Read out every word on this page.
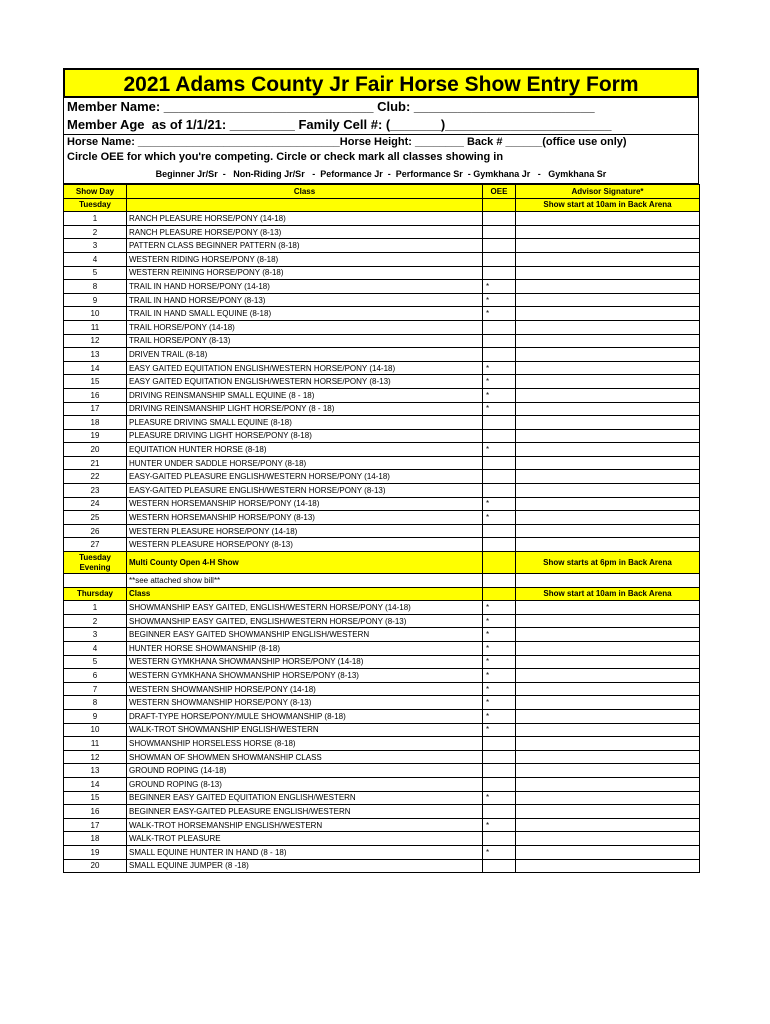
2021 Adams County Jr Fair Horse Show Entry Form
Member Name: _____________________________ Club: _________________________
Member Age  as of 1/1/21: _________ Family Cell #: (_______)_______________________
Horse Name: _________________________________Horse Height: ________ Back # ______(office use only)
Circle OEE for which you're competing. Circle or check mark all classes showing in
Beginner Jr/Sr  -   Non-Riding Jr/Sr   -  Peformance Jr  -  Performance Sr  - Gymkhana Jr   -   Gymkhana Sr
Show Day	Class	OEE	Advisor Signature*
Tuesday			Show start at 10am in Back Arena
1	RANCH PLEASURE HORSE/PONY (14-18)		
2	RANCH PLEASURE HORSE/PONY (8-13)		
3	PATTERN CLASS BEGINNER PATTERN (8-18)		
4	WESTERN RIDING HORSE/PONY (8-18)		
5	WESTERN REINING HORSE/PONY (8-18)		
8	TRAIL IN HAND HORSE/PONY (14-18)	*	
9	TRAIL IN HAND HORSE/PONY (8-13)	*	
10	TRAIL IN HAND SMALL EQUINE (8-18)	*	
11	TRAIL HORSE/PONY (14-18)		
12	TRAIL HORSE/PONY (8-13)		
13	DRIVEN TRAIL (8-18)		
14	EASY GAITED EQUITATION ENGLISH/WESTERN HORSE/PONY (14-18)	*	
15	EASY GAITED EQUITATION ENGLISH/WESTERN HORSE/PONY (8-13)	*	
16	DRIVING REINSMANSHIP SMALL EQUINE (8 - 18)	*	
17	DRIVING REINSMANSHIP LIGHT HORSE/PONY (8 - 18)	*	
18	PLEASURE DRIVING SMALL EQUINE (8-18)		
19	PLEASURE DRIVING LIGHT HORSE/PONY (8-18)		
20	EQUITATION HUNTER HORSE (8-18)	*	
21	HUNTER UNDER SADDLE HORSE/PONY (8-18)		
22	EASY-GAITED PLEASURE ENGLISH/WESTERN HORSE/PONY (14-18)		
23	EASY-GAITED PLEASURE ENGLISH/WESTERN HORSE/PONY (8-13)		
24	WESTERN HORSEMANSHIP HORSE/PONY (14-18)	*	
25	WESTERN HORSEMANSHIP HORSE/PONY (8-13)	*	
26	WESTERN PLEASURE HORSE/PONY (14-18)		
27	WESTERN PLEASURE HORSE/PONY (8-13)		
Tuesday Evening	Multi County Open 4-H Show		Show starts at 6pm in Back Arena
	**see attached show bill**		
Thursday	Class		Show start at 10am in Back Arena
1	SHOWMANSHIP EASY GAITED, ENGLISH/WESTERN HORSE/PONY (14-18)	*	
2	SHOWMANSHIP EASY GAITED, ENGLISH/WESTERN HORSE/PONY (8-13)	*	
3	BEGINNER EASY GAITED SHOWMANSHIP ENGLISH/WESTERN	*	
4	HUNTER HORSE SHOWMANSHIP (8-18)	*	
5	WESTERN GYMKHANA SHOWMANSHIP HORSE/PONY (14-18)	*	
6	WESTERN GYMKHANA SHOWMANSHIP HORSE/PONY (8-13)	*	
7	WESTERN SHOWMANSHIP HORSE/PONY (14-18)	*	
8	WESTERN SHOWMANSHIP HORSE/PONY (8-13)	*	
9	DRAFT-TYPE HORSE/PONY/MULE SHOWMANSHIP (8-18)	*	
10	WALK-TROT SHOWMANSHIP ENGLISH/WESTERN	*	
11	SHOWMANSHIP HORSELESS HORSE (8-18)		
12	SHOWMAN OF SHOWMEN SHOWMANSHIP CLASS		
13	GROUND ROPING (14-18)		
14	GROUND ROPING (8-13)		
15	BEGINNER EASY GAITED EQUITATION ENGLISH/WESTERN	*	
16	BEGINNER EASY-GAITED PLEASURE ENGLISH/WESTERN		
17	WALK-TROT HORSEMANSHIP ENGLISH/WESTERN	*	
18	WALK-TROT PLEASURE		
19	SMALL EQUINE HUNTER IN HAND (8 - 18)	*	
20	SMALL EQUINE JUMPER (8 -18)		
